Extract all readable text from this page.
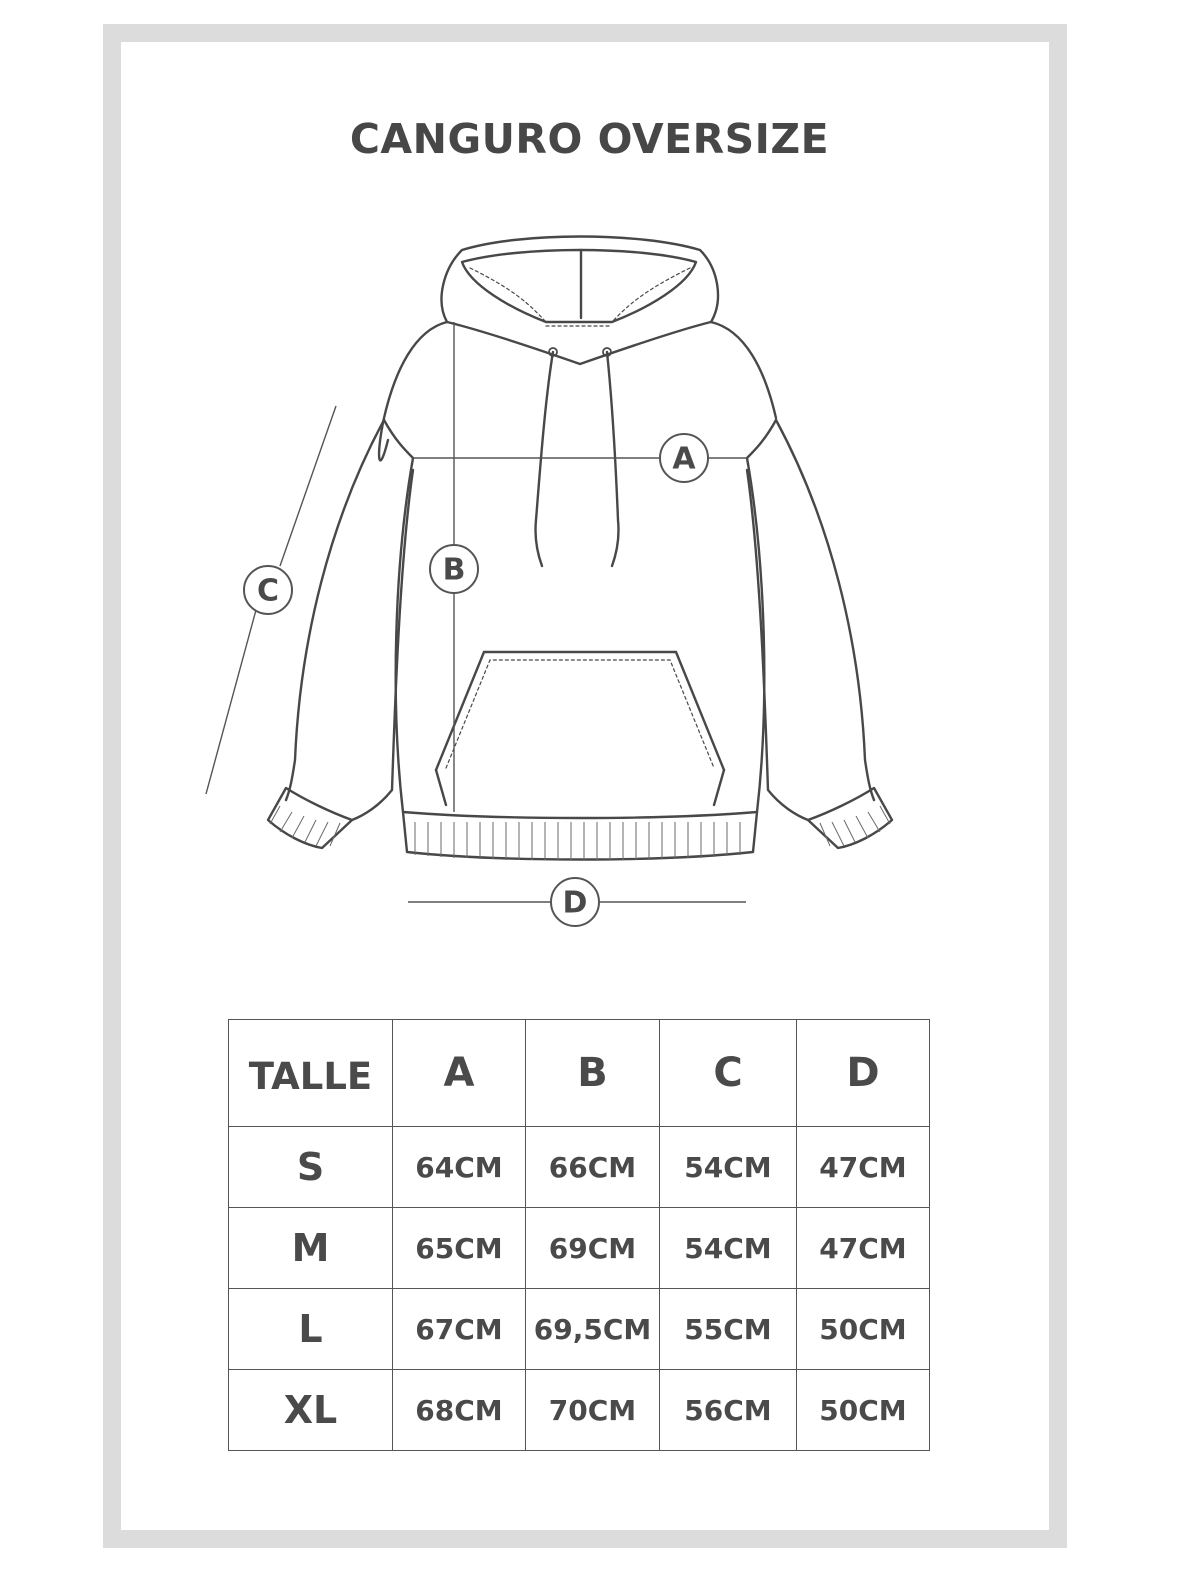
CANGURO OVERSIZE
A
B
C
D
TALLE	A	B	C	D
S	64CM	66CM	54CM	47CM
M	65CM	69CM	54CM	47CM
L	67CM	69,5CM	55CM	50CM
XL	68CM	70CM	56CM	50CM
